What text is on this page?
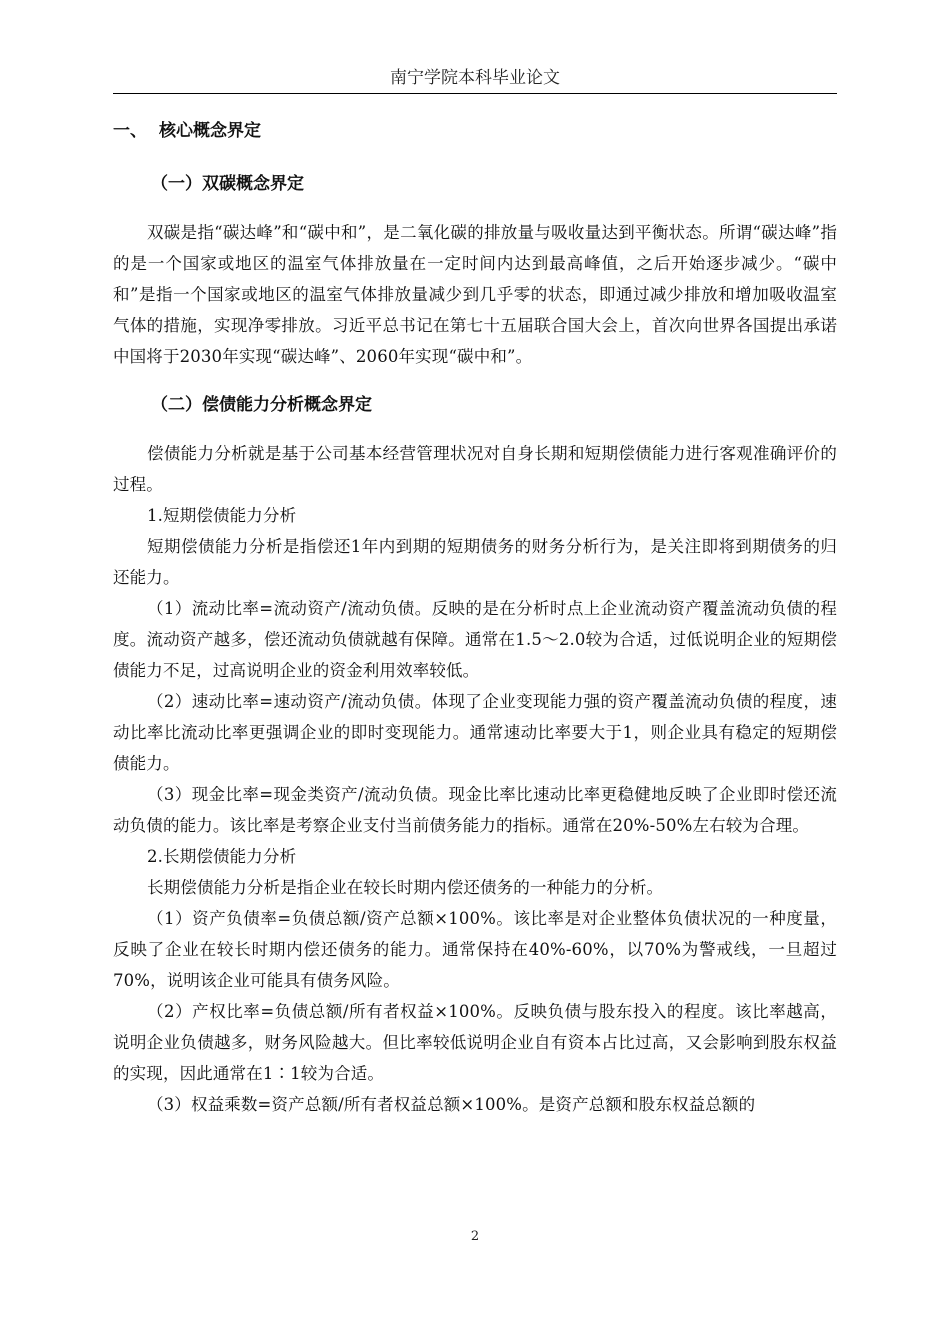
南宁学院本科毕业论文
一、 核心概念界定
（一）双碳概念界定

双碳是指“碳达峰”和“碳中和”，是二氧化碳的排放量与吸收量达到平衡状态。所谓“碳达峰”指的是一个国家或地区的温室气体排放量在一定时间内达到最高峰值，之后开始逐步减少。“碳中和”是指一个国家或地区的温室气体排放量减少到几乎零的状态，即通过减少排放和增加吸收温室气体的措施，实现净零排放。习近平总书记在第七十五届联合国大会上，首次向世界各国提出承诺中国将于2030年实现“碳达峰”、2060年实现“碳中和”。

（二）偿债能力分析概念界定

偿债能力分析就是基于公司基本经营管理状况对自身长期和短期偿债能力进行客观准确评价的过程。

1.短期偿债能力分析

短期偿债能力分析是指偿还1年内到期的短期债务的财务分析行为，是关注即将到期债务的归还能力。

（1）流动比率=流动资产/流动负债。反映的是在分析时点上企业流动资产覆盖流动负债的程度。流动资产越多，偿还流动负债就越有保障。通常在1.5～2.0较为合适，过低说明企业的短期偿债能力不足，过高说明企业的资金利用效率较低。

（2）速动比率=速动资产/流动负债。体现了企业变现能力强的资产覆盖流动负债的程度，速动比率比流动比率更强调企业的即时变现能力。通常速动比率要大于1，则企业具有稳定的短期偿债能力。

（3）现金比率=现金类资产/流动负债。现金比率比速动比率更稳健地反映了企业即时偿还流动负债的能力。该比率是考察企业支付当前债务能力的指标。通常在20%-50%左右较为合理。

2.长期偿债能力分析

长期偿债能力分析是指企业在较长时期内偿还债务的一种能力的分析。

（1）资产负债率=负债总额/资产总额×100%。该比率是对企业整体负债状况的一种度量，反映了企业在较长时期内偿还债务的能力。通常保持在40%-60%，以70%为警戒线，一旦超过70%，说明该企业可能具有债务风险。

（2）产权比率=负债总额/所有者权益×100%。反映负债与股东投入的程度。该比率越高，说明企业负债越多，财务风险越大。但比率较低说明企业自有资本占比过高，又会影响到股东权益的实现，因此通常在1∶1较为合适。

（3）权益乘数=资产总额/所有者权益总额×100%。是资产总额和股东权益总额的

2
